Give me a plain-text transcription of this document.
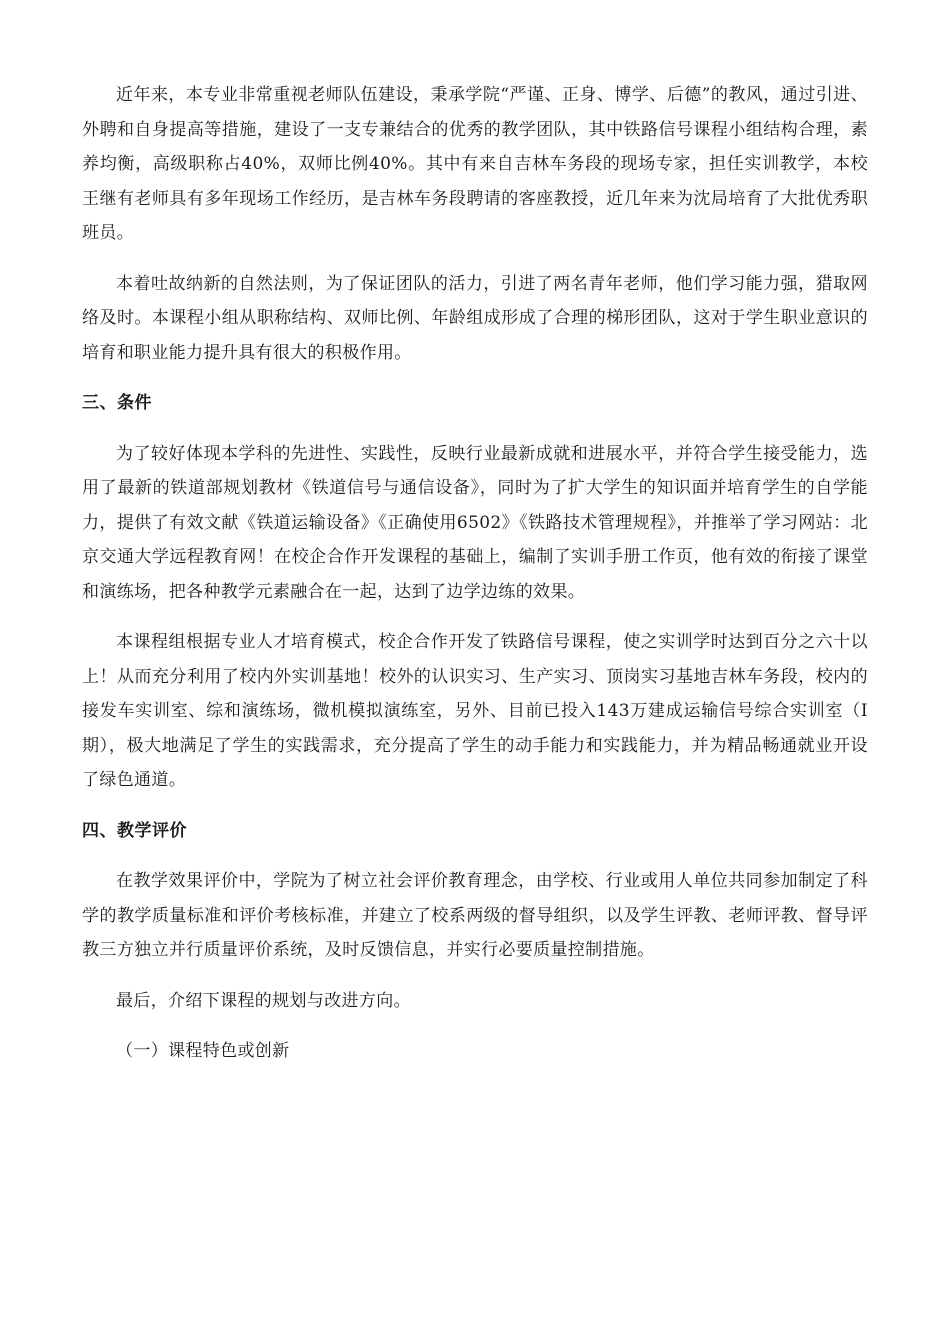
近年来，本专业非常重视老师队伍建设，秉承学院“严谨、正身、博学、后德”的教风，通过引进、外聘和自身提高等措施，建设了一支专兼结合的优秀的教学团队，其中铁路信号课程小组结构合理，素养均衡，高级职称占40%，双师比例40%。其中有来自吉林车务段的现场专家，担任实训教学，本校王继有老师具有多年现场工作经历，是吉林车务段聘请的客座教授，近几年来为沈局培育了大批优秀职班员。

本着吐故纳新的自然法则，为了保证团队的活力，引进了两名青年老师，他们学习能力强，猎取网络及时。本课程小组从职称结构、双师比例、年龄组成形成了合理的梯形团队，这对于学生职业意识的培育和职业能力提升具有很大的积极作用。

三、条件

为了较好体现本学科的先进性、实践性，反映行业最新成就和进展水平，并符合学生接受能力，选用了最新的铁道部规划教材《铁道信号与通信设备》，同时为了扩大学生的知识面并培育学生的自学能力，提供了有效文献《铁道运输设备》《正确使用6502》《铁路技术管理规程》，并推举了学习网站：北京交通大学远程教育网！在校企合作开发课程的基础上，编制了实训手册工作页，他有效的衔接了课堂和演练场，把各种教学元素融合在一起，达到了边学边练的效果。

本课程组根据专业人才培育模式，校企合作开发了铁路信号课程，使之实训学时达到百分之六十以上！从而充分利用了校内外实训基地！校外的认识实习、生产实习、顶岗实习基地吉林车务段，校内的接发车实训室、综和演练场，微机模拟演练室，另外、目前已投入143万建成运输信号综合实训室（Ⅰ期），极大地满足了学生的实践需求，充分提高了学生的动手能力和实践能力，并为精品畅通就业开设了绿色通道。

四、教学评价

在教学效果评价中，学院为了树立社会评价教育理念，由学校、行业或用人单位共同参加制定了科学的教学质量标准和评价考核标准，并建立了校系两级的督导组织，以及学生评教、老师评教、督导评教三方独立并行质量评价系统，及时反馈信息，并实行必要质量控制措施。

最后，介绍下课程的规划与改进方向。

（一）课程特色或创新
